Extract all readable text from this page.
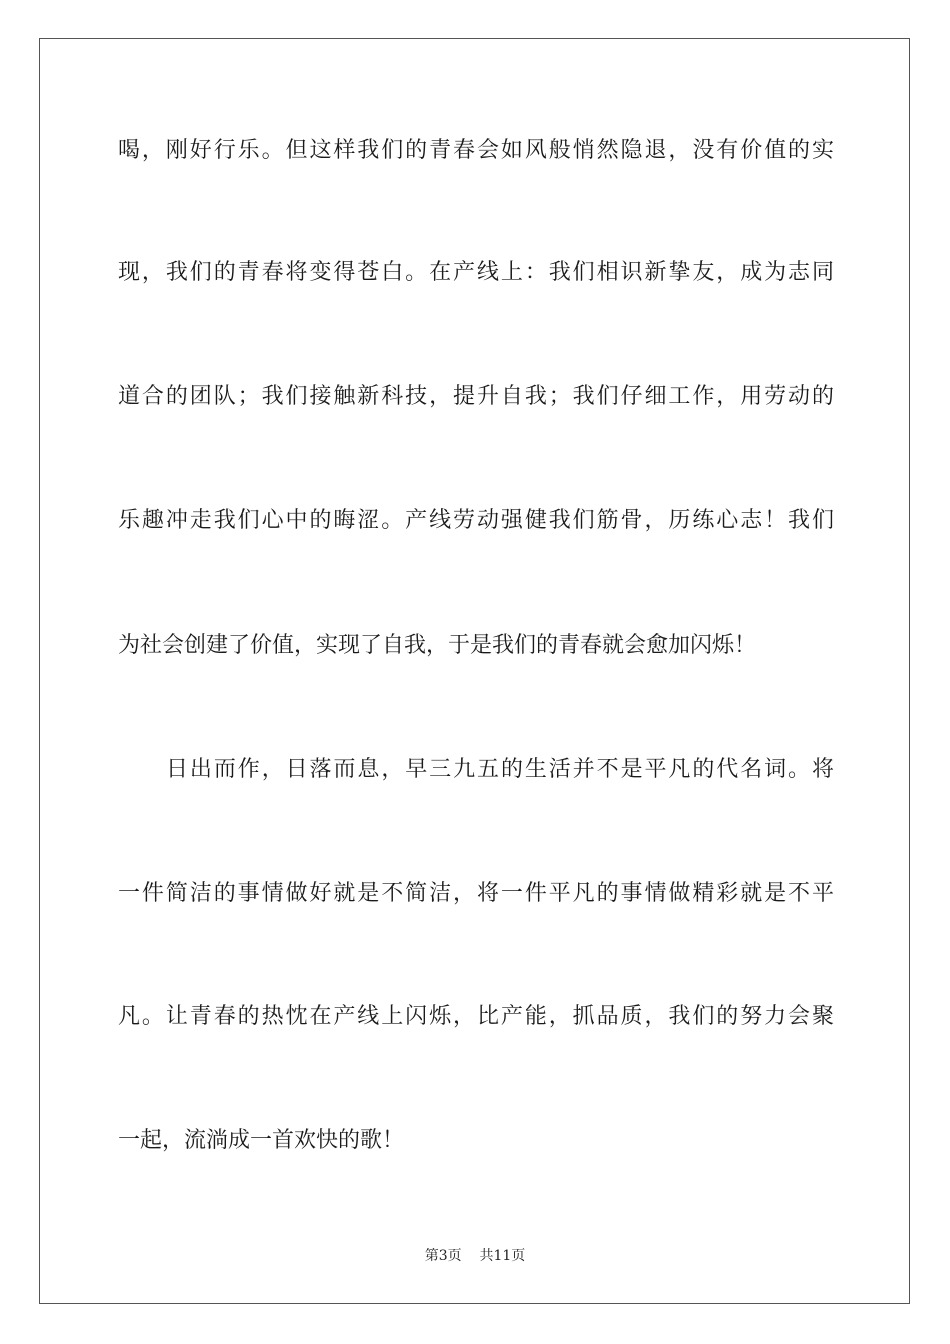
喝，刚好行乐。但这样我们的青春会如风般悄然隐退，没有价值的实
现，我们的青春将变得苍白。在产线上：我们相识新挚友，成为志同
道合的团队；我们接触新科技，提升自我；我们仔细工作，用劳动的
乐趣冲走我们心中的晦涩。产线劳动强健我们筋骨，历练心志！我们
为社会创建了价值，实现了自我，于是我们的青春就会愈加闪烁！
日出而作，日落而息，早三九五的生活并不是平凡的代名词。将
一件简洁的事情做好就是不简洁，将一件平凡的事情做精彩就是不平
凡。让青春的热忱在产线上闪烁，比产能，抓品质，我们的努力会聚
一起，流淌成一首欢快的歌！
第3页 共11页
